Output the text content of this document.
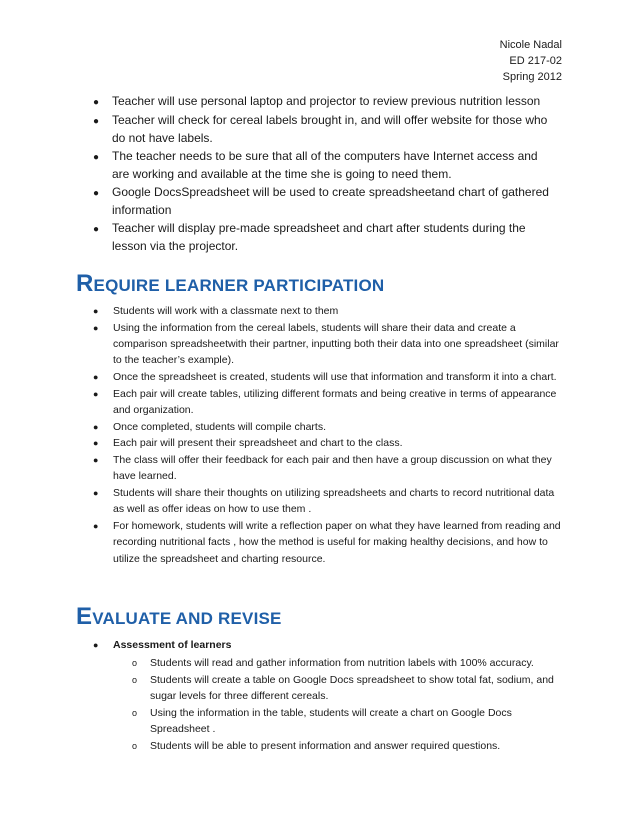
Nicole Nadal
ED 217-02
Spring 2012
● Teacher will use personal laptop and projector to review previous nutrition lesson
● Teacher will check for cereal labels brought in, and will offer website for those who do not have labels.
● The teacher needs to be sure that all of the computers have Internet access and are working and available at the time she is going to need them.
● Google DocsSpreadsheet will be used to create spreadsheetand chart of gathered information
● Teacher will display pre-made spreadsheet and chart after students during the lesson via the projector.
REQUIRE LEARNER PARTICIPATION
● Students will work with a classmate next to them
● Using the information from the cereal labels, students will share their data and create a comparison spreadsheetwith their partner, inputting both their data into one spreadsheet (similar to the teacher’s example).
● Once the spreadsheet is created, students will use that information and transform it into a chart.
● Each pair will create tables, utilizing different formats and being creative in terms of appearance and organization.
● Once completed, students will compile charts.
● Each pair will present their spreadsheet and chart to the class.
● The class will offer their feedback for each pair and then have a group discussion on what they have learned.
● Students will share their thoughts on utilizing spreadsheets and charts to record nutritional data as well as offer ideas on how to use them .
● For homework, students will write a reflection paper on what they have learned from reading and recording nutritional facts , how the method is useful for making healthy decisions, and how to utilize the spreadsheet and charting resource.
EVALUATE AND REVISE
● Assessment of learners
o Students will read and gather information from nutrition labels with 100% accuracy.
o Students will create a table on Google Docs spreadsheet to show total fat, sodium, and sugar levels for three different cereals.
o Using the information in the table, students will create a chart on Google Docs Spreadsheet .
o Students will be able to present information and answer required questions.
